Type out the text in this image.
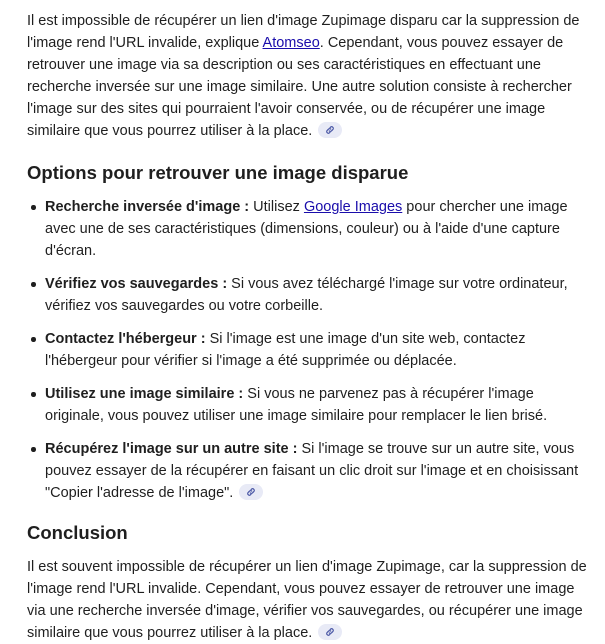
Il est impossible de récupérer un lien d'image Zupimage disparu car la suppression de l'image rend l'URL invalide, explique Atomseo. Cependant, vous pouvez essayer de retrouver une image via sa description ou ses caractéristiques en effectuant une recherche inversée sur une image similaire. Une autre solution consiste à rechercher l'image sur des sites qui pourraient l'avoir conservée, ou de récupérer une image similaire que vous pourrez utiliser à la place.

Options pour retrouver une image disparue
Recherche inversée d'image : Utilisez Google Images pour chercher une image avec une de ses caractéristiques (dimensions, couleur) ou à l'aide d'une capture d'écran.
Vérifiez vos sauvegardes : Si vous avez téléchargé l'image sur votre ordinateur, vérifiez vos sauvegardes ou votre corbeille.
Contactez l'hébergeur : Si l'image est une image d'un site web, contactez l'hébergeur pour vérifier si l'image a été supprimée ou déplacée.
Utilisez une image similaire : Si vous ne parvenez pas à récupérer l'image originale, vous pouvez utiliser une image similaire pour remplacer le lien brisé.
Récupérez l'image sur un autre site : Si l'image se trouve sur un autre site, vous pouvez essayer de la récupérer en faisant un clic droit sur l'image et en choisissant "Copier l'adresse de l'image".
Conclusion

Il est souvent impossible de récupérer un lien d'image Zupimage, car la suppression de l'image rend l'URL invalide. Cependant, vous pouvez essayer de retrouver une image via une recherche inversée d'image, vérifier vos sauvegardes, ou récupérer une image similaire que vous pourrez utiliser à la place.
